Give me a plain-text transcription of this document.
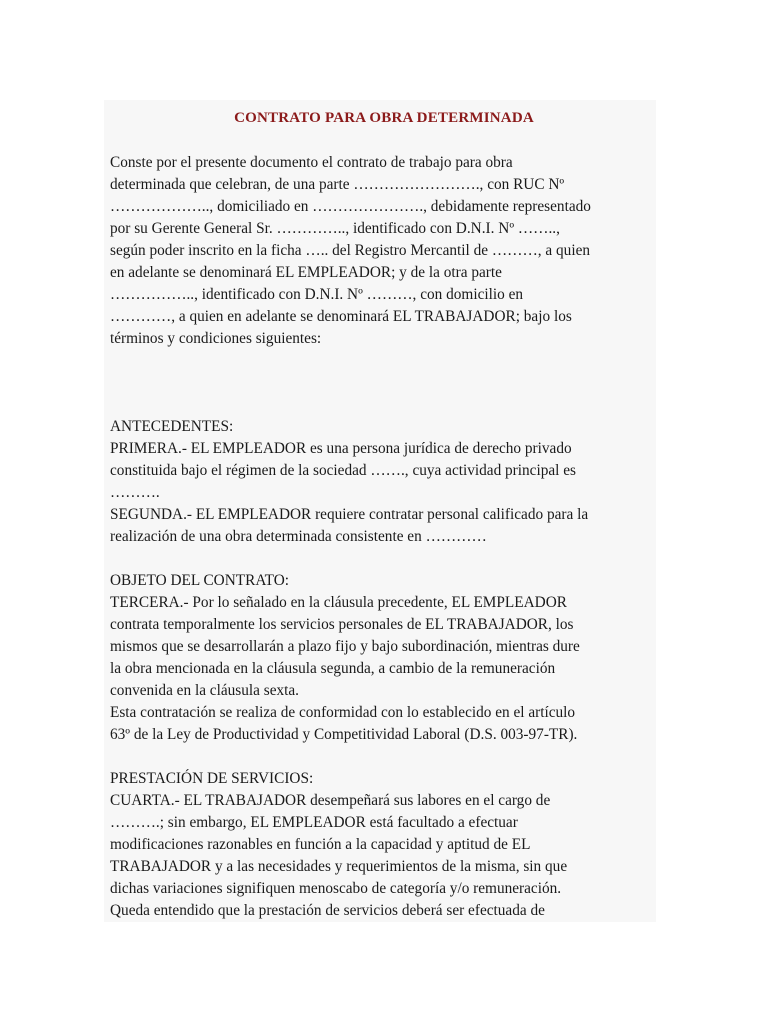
CONTRATO PARA OBRA DETERMINADA
Conste por el presente documento el contrato de trabajo para obra
determinada que celebran, de una parte ……………………., con RUC Nº
……………….., domiciliado en …………………., debidamente representado
por su Gerente General Sr. ………….., identificado con D.N.I. Nº ……..,
según poder inscrito en la ficha ….. del Registro Mercantil de ………, a quien
en adelante se denominará EL EMPLEADOR; y de la otra parte
…………….., identificado con D.N.I. Nº ………, con domicilio en
…………, a quien en adelante se denominará EL TRABAJADOR; bajo los
términos y condiciones siguientes:
ANTECEDENTES:
PRIMERA.- EL EMPLEADOR es una persona jurídica de derecho privado
constituida bajo el régimen de la sociedad ……., cuya actividad principal es
……….
SEGUNDA.- EL EMPLEADOR requiere contratar personal calificado para la
realización de una obra determinada consistente en …………
OBJETO DEL CONTRATO:
TERCERA.- Por lo señalado en la cláusula precedente, EL EMPLEADOR
contrata temporalmente los servicios personales de EL TRABAJADOR, los
mismos que se desarrollarán a plazo fijo y bajo subordinación, mientras dure
la obra mencionada en la cláusula segunda, a cambio de la remuneración
convenida en la cláusula sexta.
Esta contratación se realiza de conformidad con lo establecido en el artículo
63º de la Ley de Productividad y Competitividad Laboral (D.S. 003-97-TR).
PRESTACIÓN DE SERVICIOS:
CUARTA.- EL TRABAJADOR desempeñará sus labores en el cargo de
……….; sin embargo, EL EMPLEADOR está facultado a efectuar
modificaciones razonables en función a la capacidad y aptitud de EL
TRABAJADOR y a las necesidades y requerimientos de la misma, sin que
dichas variaciones signifiquen menoscabo de categoría y/o remuneración.
Queda entendido que la prestación de servicios deberá ser efectuada de
